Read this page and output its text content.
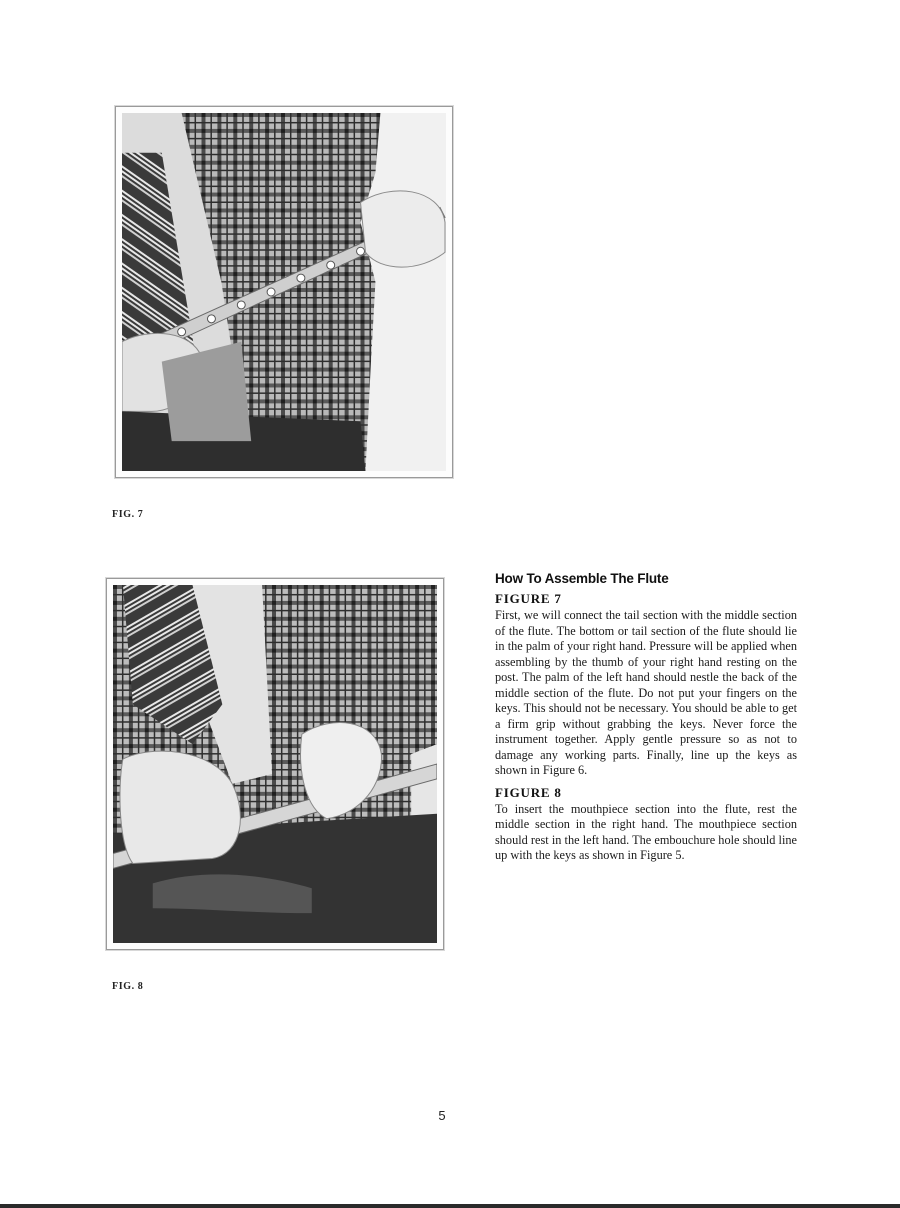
FIG. 7
FIG. 8
How To Assemble The Flute
FIGURE 7

First, we will connect the tail section with the middle section of the flute. The bottom or tail section of the flute should lie in the palm of your right hand. Pressure will be applied when assembling by the thumb of your right hand resting on the post. The palm of the left hand should nestle the back of the middle section of the flute. Do not put your fingers on the keys. This should not be necessary. You should be able to get a firm grip without grabbing the keys. Never force the instrument together. Apply gentle pressure so as not to damage any working parts. Finally, line up the keys as shown in Figure 6.

FIGURE 8

To insert the mouthpiece section into the flute, rest the middle section in the right hand. The mouthpiece section should rest in the left hand. The embouchure hole should line up with the keys as shown in Figure 5.

5
